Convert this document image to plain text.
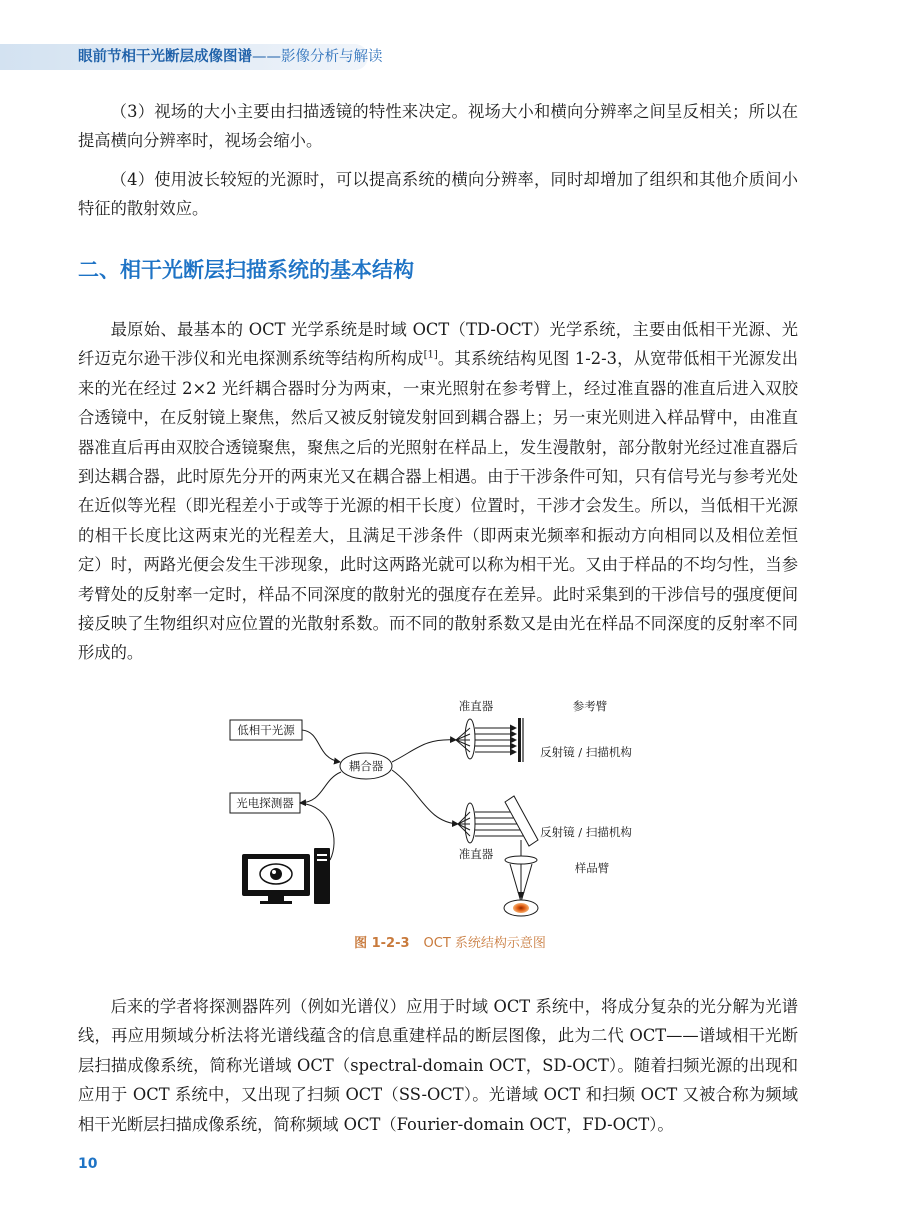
眼前节相干光断层成像图谱——影像分析与解读

（3）视场的大小主要由扫描透镜的特性来决定。视场大小和横向分辨率之间呈反相关；所以在提高横向分辨率时，视场会缩小。

（4）使用波长较短的光源时，可以提高系统的横向分辨率，同时却增加了组织和其他介质间小特征的散射效应。

二、相干光断层扫描系统的基本结构

最原始、最基本的 OCT 光学系统是时域 OCT（TD-OCT）光学系统，主要由低相干光源、光纤迈克尔逊干涉仪和光电探测系统等结构所构成[1]。其系统结构见图 1-2-3，从宽带低相干光源发出来的光在经过 2×2 光纤耦合器时分为两束，一束光照射在参考臂上，经过准直器的准直后进入双胶合透镜中，在反射镜上聚焦，然后又被反射镜发射回到耦合器上；另一束光则进入样品臂中，由准直器准直后再由双胶合透镜聚焦，聚焦之后的光照射在样品上，发生漫散射，部分散射光经过准直器后到达耦合器，此时原先分开的两束光又在耦合器上相遇。由于干涉条件可知，只有信号光与参考光处在近似等光程（即光程差小于或等于光源的相干长度）位置时，干涉才会发生。所以，当低相干光源的相干长度比这两束光的光程差大，且满足干涉条件（即两束光频率和振动方向相同以及相位差恒定）时，两路光便会发生干涉现象，此时这两路光就可以称为相干光。又由于样品的不均匀性，当参考臂处的反射率一定时，样品不同深度的散射光的强度存在差异。此时采集到的干涉信号的强度便间接反映了生物组织对应位置的光散射系数。而不同的散射系数又是由光在样品不同深度的反射率不同形成的。

低相干光源
光电探测器
耦合器
准直器	参考臂
反射镜 / 扫描机构
准直器
反射镜 / 扫描机构
样品臂
图 1-2-3 OCT 系统结构示意图

后来的学者将探测器阵列（例如光谱仪）应用于时域 OCT 系统中，将成分复杂的光分解为光谱线，再应用频域分析法将光谱线蕴含的信息重建样品的断层图像，此为二代 OCT——谱域相干光断层扫描成像系统，简称光谱域 OCT（spectral-domain OCT，SD-OCT）。随着扫频光源的出现和应用于 OCT 系统中，又出现了扫频 OCT（SS-OCT）。光谱域 OCT 和扫频 OCT 又被合称为频域相干光断层扫描成像系统，简称频域 OCT（Fourier-domain OCT，FD-OCT）。

10
